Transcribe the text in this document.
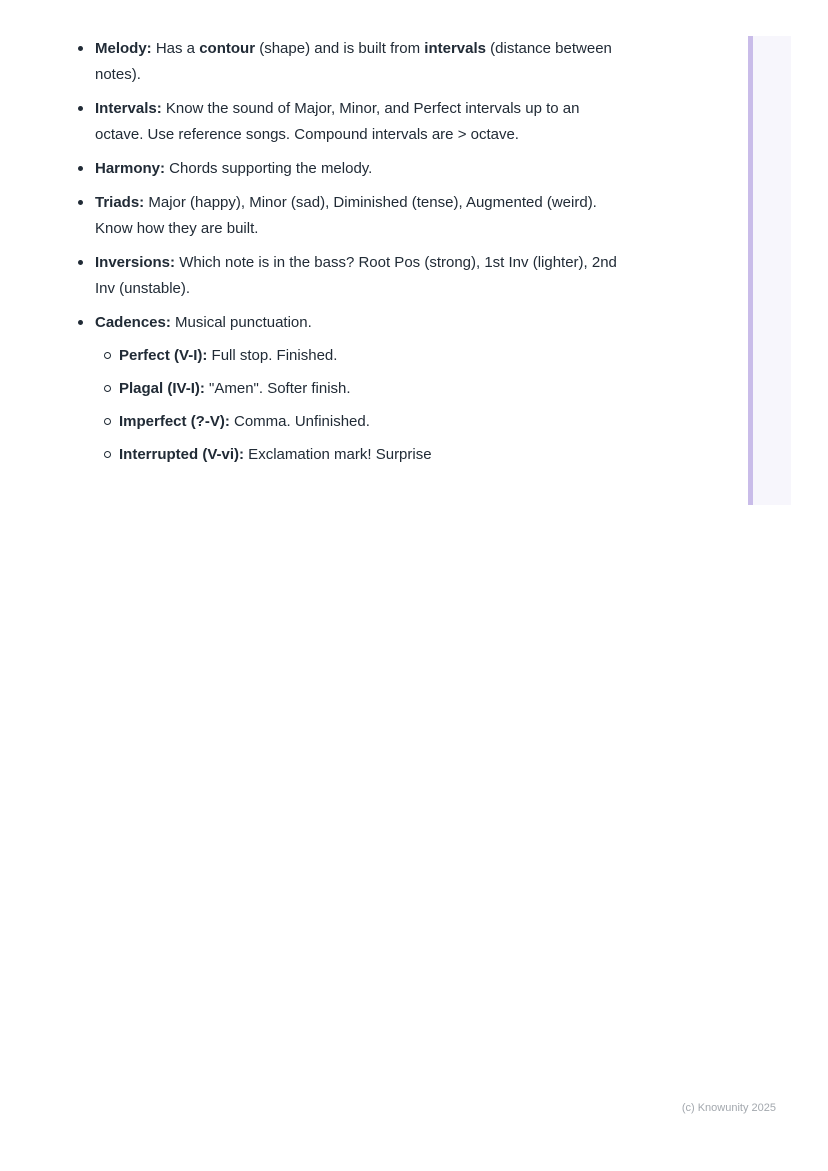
Melody: Has a contour (shape) and is built from intervals (distance between notes).
Intervals: Know the sound of Major, Minor, and Perfect intervals up to an octave. Use reference songs. Compound intervals are > octave.
Harmony: Chords supporting the melody.
Triads: Major (happy), Minor (sad), Diminished (tense), Augmented (weird). Know how they are built.
Inversions: Which note is in the bass? Root Pos (strong), 1st Inv (lighter), 2nd Inv (unstable).
Cadences: Musical punctuation.
Perfect (V-I): Full stop. Finished.
Plagal (IV-I): "Amen". Softer finish.
Imperfect (?-V): Comma. Unfinished.
Interrupted (V-vi): Exclamation mark! Surprise
(c) Knowunity 2025
